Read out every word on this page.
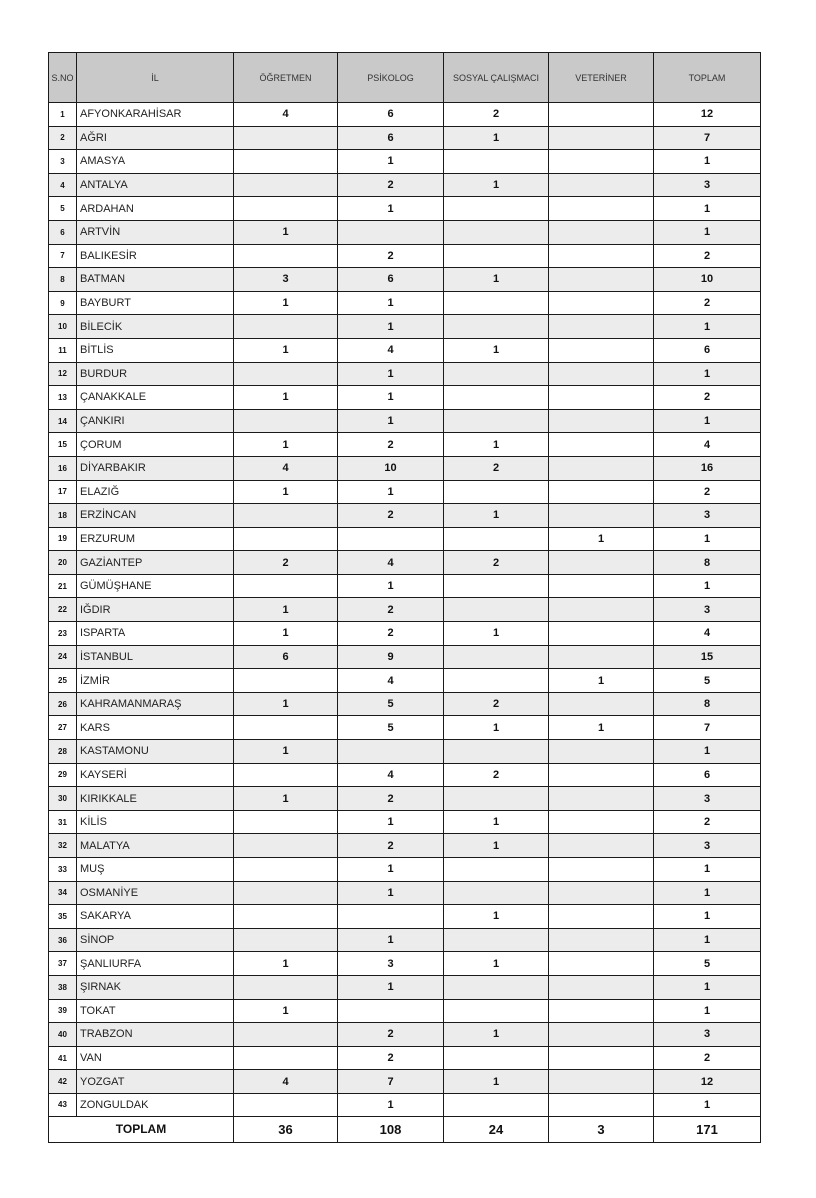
S.NO	İL	ÖĞRETMEN	PSİKOLOG	SOSYAL ÇALIŞMACI	VETERİNER	TOPLAM
1	AFYONKARAHİSAR	4	6	2		12
2	AĞRI		6	1		7
3	AMASYA		1			1
4	ANTALYA		2	1		3
5	ARDAHAN		1			1
6	ARTVİN	1				1
7	BALIKESİR		2			2
8	BATMAN	3	6	1		10
9	BAYBURT	1	1			2
10	BİLECİK		1			1
11	BİTLİS	1	4	1		6
12	BURDUR		1			1
13	ÇANAKKALE	1	1			2
14	ÇANKIRI		1			1
15	ÇORUM	1	2	1		4
16	DİYARBAKIR	4	10	2		16
17	ELAZIĞ	1	1			2
18	ERZİNCAN		2	1		3
19	ERZURUM				1	1
20	GAZİANTEP	2	4	2		8
21	GÜMÜŞHANE		1			1
22	IĞDIR	1	2			3
23	ISPARTA	1	2	1		4
24	İSTANBUL	6	9			15
25	İZMİR		4		1	5
26	KAHRAMANMARAŞ	1	5	2		8
27	KARS		5	1	1	7
28	KASTAMONU	1				1
29	KAYSERİ		4	2		6
30	KIRIKKALE	1	2			3
31	KİLİS		1	1		2
32	MALATYA		2	1		3
33	MUŞ		1			1
34	OSMANİYE		1			1
35	SAKARYA			1		1
36	SİNOP		1			1
37	ŞANLIURFA	1	3	1		5
38	ŞIRNAK		1			1
39	TOKAT	1				1
40	TRABZON		2	1		3
41	VAN		2			2
42	YOZGAT	4	7	1		12
43	ZONGULDAK		1			1
TOPLAM		36	108	24	3	171
